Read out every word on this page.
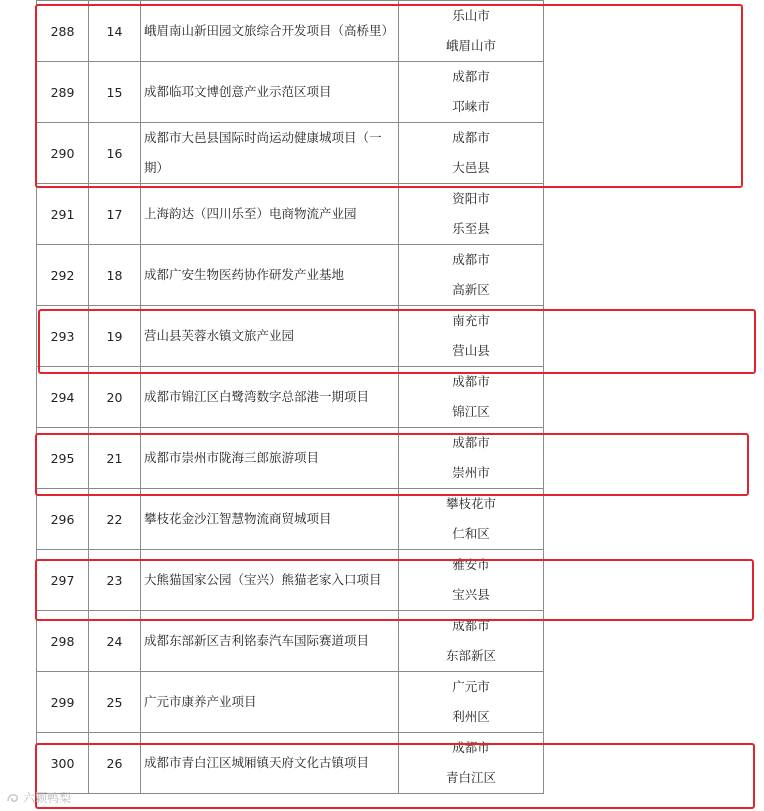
288	14	峨眉南山新田园文旅综合开发项目（高桥里）	乐山市
峨眉山市

289	15	成都临邛文博创意产业示范区项目	成都市
邛崃市

290	16	成都市大邑县国际时尚运动健康城项目（一期）	成都市
大邑县

291	17	上海韵达（四川乐至）电商物流产业园	资阳市
乐至县

292	18	成都广安生物医药协作研发产业基地	成都市
高新区

293	19	营山县芙蓉水镇文旅产业园	南充市
营山县

294	20	成都市锦江区白鹭湾数字总部港一期项目	成都市
锦江区

295	21	成都市崇州市陇海三郎旅游项目	成都市
崇州市

296	22	攀枝花金沙江智慧物流商贸城项目	攀枝花市
仁和区

297	23	大熊猫国家公园（宝兴）熊猫老家入口项目	雅安市
宝兴县

298	24	成都东部新区吉利铭泰汽车国际赛道项目	成都市
东部新区

299	25	广元市康养产业项目	广元市
利州区

300	26	成都市青白江区城厢镇天府文化古镇项目	成都市
青白江区
六颗鸭梨
